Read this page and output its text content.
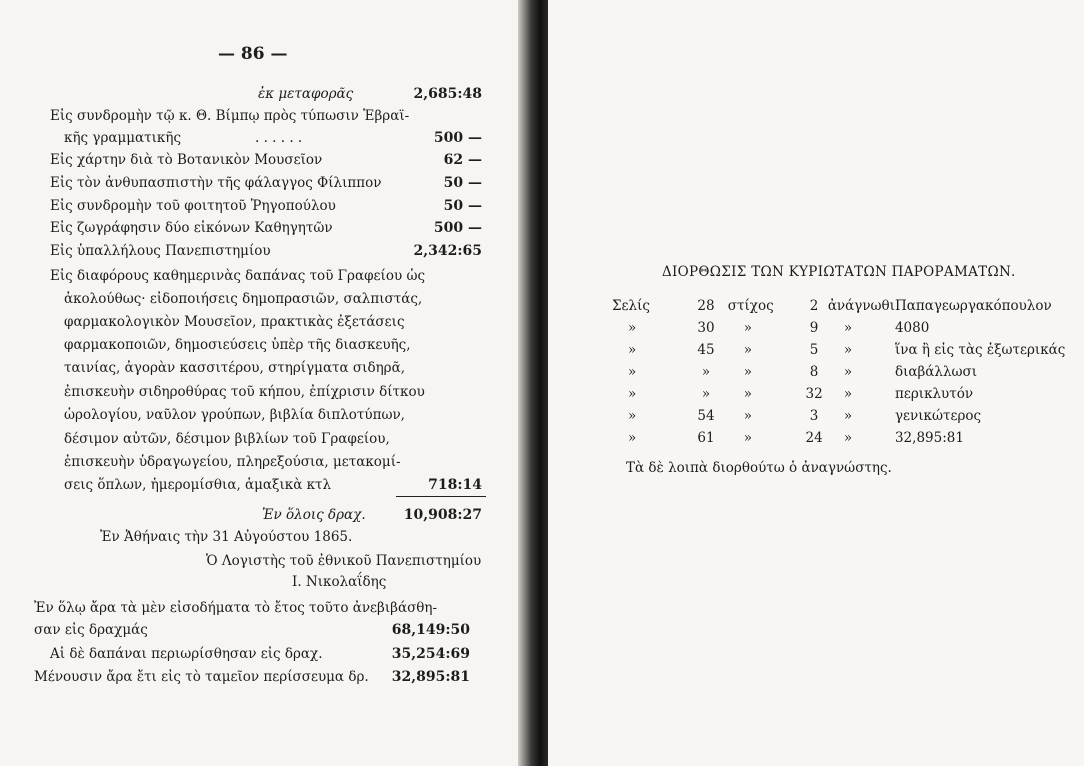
— 86 —
ἐκ μεταφορᾶς	2,685:48
Εἰς συνδρομὴν τῷ κ. Θ. Βίμπῳ πρὸς τύπωσιν Ἑβραϊ-
κῆς γραμματικῆς	. . . . . .	500 —
Εἰς χάρτην διὰ τὸ Βοτανικὸν Μουσεῖον	62 —
Εἰς τὸν ἀνθυπασπιστὴν τῆς φάλαγγος Φίλιππον	50 —
Εἰς συνδρομὴν τοῦ φοιτητοῦ Ῥηγοπούλου	50 —
Εἰς ζωγράφησιν δύο εἰκόνων Καθηγητῶν	500 —
Εἰς ὑπαλλήλους Πανεπιστημίου	2,342:65
Εἰς διαφόρους καθημερινὰς δαπάνας τοῦ Γραφείου ὡς
ἀκολούθως· εἰδοποιήσεις δημοπρασιῶν, σαλπιστάς,
φαρμακολογικὸν Μουσεῖον, πρακτικὰς ἐξετάσεις
φαρμακοποιῶν, δημοσιεύσεις ὑπὲρ τῆς διασκευῆς,
ταινίας, ἀγορὰν κασσιτέρου, στηρίγματα σιδηρᾶ,
ἐπισκευὴν σιδηροθύρας τοῦ κήπου, ἐπίχρισιν δίτκου
ὡρολογίου, ναῦλον γρούπων, βιβλία διπλοτύπων,
δέσιμον αὐτῶν, δέσιμον βιβλίων τοῦ Γραφείου,
ἐπισκευὴν ὑδραγωγείου, πληρεξούσια, μετακομί-
σεις ὅπλων, ἡμερομίσθια, ἁμαξικὰ κτλ	718:14
Ἐν ὅλοις δραχ.	10,908:27
Ἐν Ἀθήναις τὴν 31 Αὐγούστου 1865.
Ὁ Λογιστὴς τοῦ ἐθνικοῦ Πανεπιστημίου
Ι. Νικολαΐδης
Ἐν ὅλῳ ἄρα τὰ μὲν εἰσοδήματα τὸ ἔτος τοῦτο ἀνεβιβάσθη-
σαν εἰς δραχμάς	68,149:50
Αἱ δὲ δαπάναι περιωρίσθησαν εἰς δραχ.	35,254:69
Μένουσιν ἄρα ἔτι εἰς τὸ ταμεῖον περίσσευμα δρ.	32,895:81
ΔΙΟΡΘΩΣΙΣ ΤΩΝ ΚΥΡΙΩΤΑΤΩΝ ΠΑΡΟΡΑΜΑΤΩΝ.
Σελίς	28	στίχος	2	ἀνάγνωθι	Παπαγεωργακόπουλον
»	30	»	9	»	4080
»	45	»	5	»	ἵνα ἢ εἰς τὰς ἐξωτερικάς
»	»	»	8	»	διαβάλλωσι
»	»	»	32	»	περικλυτόν
»	54	»	3	»	γενικώτερος
»	61	»	24	»	32,895:81
Τὰ δὲ λοιπὰ διορθούτω ὁ ἀναγνώστης.
